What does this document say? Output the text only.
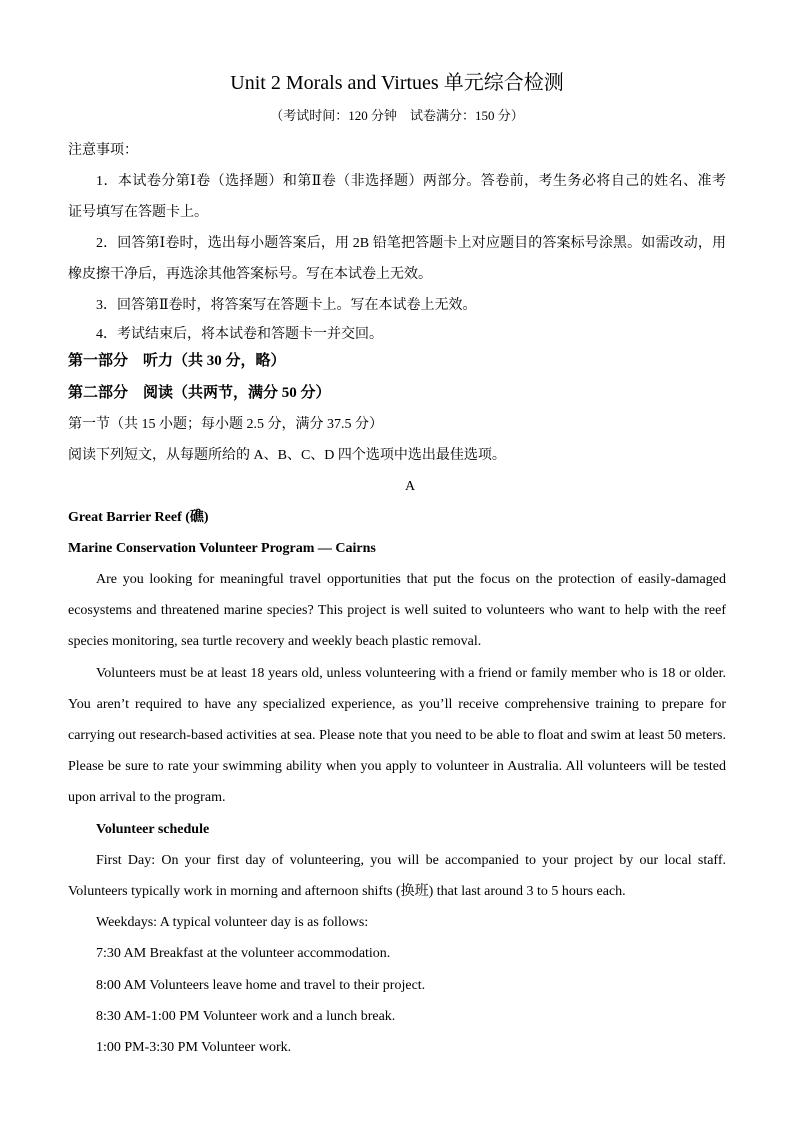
Unit 2 Morals and Virtues 单元综合检测
（考试时间：120 分钟　试卷满分：150 分）
注意事项：
1．本试卷分第Ⅰ卷（选择题）和第Ⅱ卷（非选择题）两部分。答卷前，考生务必将自己的姓名、准考
证号填写在答题卡上。
2．回答第Ⅰ卷时，选出每小题答案后，用 2B 铅笔把答题卡上对应题目的答案标号涂黑。如需改动，用
橡皮擦干净后，再选涂其他答案标号。写在本试卷上无效。
3．回答第Ⅱ卷时，将答案写在答题卡上。写在本试卷上无效。
4．考试结束后，将本试卷和答题卡一并交回。
第一部分　听力（共 30 分，略）
第二部分　阅读（共两节，满分 50 分）
第一节（共 15 小题；每小题 2.5 分，满分 37.5 分）
阅读下列短文，从每题所给的 A、B、C、D 四个选项中选出最佳选项。
A
Great Barrier Reef (礁)
Marine Conservation Volunteer Program — Cairns
Are you looking for meaningful travel opportunities that put the focus on the protection of easily-damaged
ecosystems and threatened marine species? This project is well suited to volunteers who want to help with the reef
species monitoring, sea turtle recovery and weekly beach plastic removal.
Volunteers must be at least 18 years old, unless volunteering with a friend or family member who is 18 or older.
You aren’t required to have any specialized experience, as you’ll receive comprehensive training to prepare for
carrying out research-based activities at sea. Please note that you need to be able to float and swim at least 50 meters.
Please be sure to rate your swimming ability when you apply to volunteer in Australia. All volunteers will be tested
upon arrival to the program.
Volunteer schedule
First Day: On your first day of volunteering, you will be accompanied to your project by our local staff.
Volunteers typically work in morning and afternoon shifts (换班) that last around 3 to 5 hours each.
Weekdays: A typical volunteer day is as follows:
7:30 AM Breakfast at the volunteer accommodation.
8:00 AM Volunteers leave home and travel to their project.
8:30 AM-1:00 PM Volunteer work and a lunch break.
1:00 PM-3:30 PM Volunteer work.
